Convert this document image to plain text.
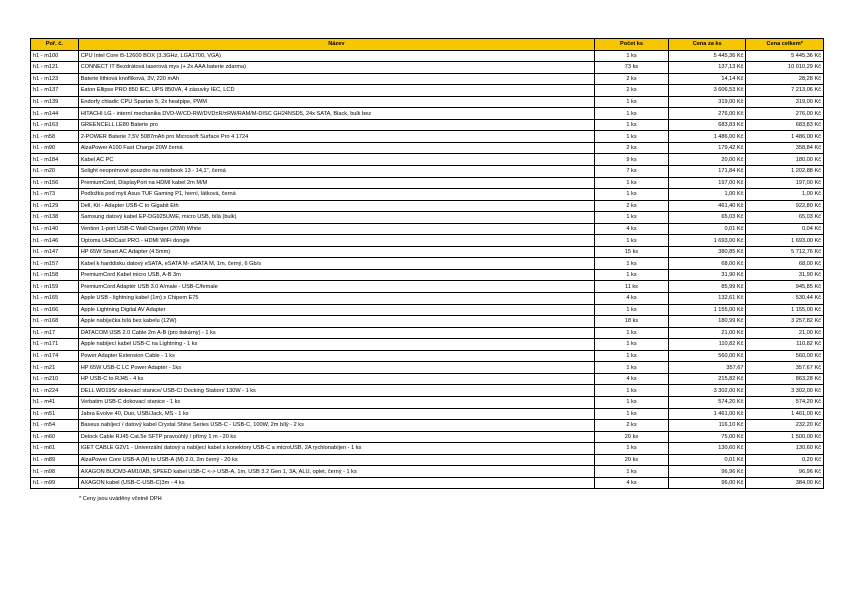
Poř. č.	Název	Počet ks	Cena za ks	Cena celkem*
h1 - m100	CPU Intel Core i5-12600 BOX (3.3GHz, LGA1700, VGA)	1 ks	5 445,36 Kč	5 445,36 Kč
h1 - m121	CONNECT IT Bezdrátová laserová mys (+ 2x AAA baterie zdarma)	73 ks	137,13 Kč	10 010,29 Kč
h1 - m123	Baterie lithiová knoflíková, 3V, 220 mAh	2 ks	14,14 Kč	28,28 Kč
h1 - m137	Eaton Ellipse PRO 850 IEC, UPS 850VA, 4 zásuvky IEC, LCD	2 ks	3 606,53 Kč	7 213,06 Kč
h1 - m139	Endorfy chladic CPU Spartan 5, 2x heatpipe, PWM	1 ks	319,00 Kč	319,00 Kč
h1 - m144	HITACHI LG - interní mechanika DVD-W/CD-RW/DVD±R/±RW/RAM/M-DISC GH24NSD5, 24x SATA, Black, bulk bez	1 ks	276,00 Kč	276,00 Kč
h1 - m163	GREENCELL LE80 Baterie pro	1 ks	683,83 Kč	683,83 Kč
h1 - m58	2-POWER Baterie 7,5V 5087mAh pro Microsoft Surface Pro 4 1724	1 ks	1 486,00 Kč	1 486,00 Kč
h1 - m90	AlzaPower A100 Fast Charge 20W černá	2 ks	179,42 Kč	358,84 Kč
h1 - m184	Kabel AC PC	9 ks	20,00 Kč	180,00 Kč
h1 - m20	Solight neoprénové pouzdro na notebook 13 - 14,1", černá	7 ks	171,84 Kč	1 202,88 Kč
h1 - m156	PremiumCord, DisplayPort na HDMI kabel 2m M/M	1 ks	197,00 Kč	197,00 Kč
h1 - m73	Podložka pod myš Asus TUF Gaming P1, herní, látková, černá	1 ks	1,00 Kč	1,00 Kč
h1 - m129	Dell, Kit - Adapter USB-C to Gigabit Eth	2 ks	461,40 Kč	922,80 Kč
h1 - m138	Samsung datový kabel EP-DG925UWE, micro USB, bílá (bulk)	1 ks	65,03 Kč	65,03 Kč
h1 - m140	Vention 1-port USB-C Wall Charger (20W) White	4 ks	0,01 Kč	0,04 Kč
h1 - m146	Optoma UHDCast PRO - HDMI WiFi dongle	1 ks	1 693,00 Kč	1 693,00 Kč
h1 - m147	HP 65W Smart AC Adapter (4.5mm)	15 ks	380,85 Kč	5 712,76 Kč
h1 - m157	Kabel k harddisku datový eSATA, eSATA M- eSATA M, 1m, černý, 6 Gb/s	1 ks	68,00 Kč	68,00 Kč
h1 - m158	PremiumCord Kabel micro USB, A-B 3m	1 ks	31,90 Kč	31,90 Kč
h1 - m159	PremiumCord Adaptér USB 3.0 A/male - USB-C/female	11 ks	85,99 Kč	945,85 Kč
h1 - m165	Apple USB - lightning kabel (1m) s Chipem E75	4 ks	132,61 Kč	530,44 Kč
h1 - m166	Apple Lightning Digital AV Adapter	1 ks	1 155,00 Kč	1 155,00 Kč
h1 - m168	Apple nabíječka bílá bez kabelu (12W)	18 ks	180,99 Kč	3 257,82 Kč
h1 - m17	DATACOM USB 2.0 Cable 2m A-B (pro tiskárny) - 1 ks	1 ks	21,00 Kč	21,00 Kč
h1 - m171	Apple nabíjecí kabel USB-C na Lightning - 1 ks	1 ks	110,82 Kč	110,82 Kč
h1 - m174	Power Adapter Extension Cable - 1 ks	1 ks	560,00 Kč	560,00 Kč
h1 - m21	HP 65W USB-C LC Power Adapter - 1ks	1 ks	357,67	357,67 Kč
h1 - m210	HP USB-C to RJ45 - 4 ks	4 ks	215,82 Kč	863,28 Kč
h1 - m224	DELL WD19S/ dokovací stanice/ USB-C/ Docking Station/ 130W - 1 ks	1 ks	3 302,00 Kč	3 302,00 Kč
h1 - m41	Verbatim USB-C dokovací stanice - 1 ks	1 ks	574,20 Kč	574,20 Kč
h1 - m51	Jabra Evolve 40, Duo, USB/Jack, MS - 1 ks	1 ks	1 461,00 Kč	1 461,00 Kč
h1 - m54	Baseus nabíjecí / datový kabel Crystal Shine Series USB-C - USB-C, 100W, 2m bílý - 2 ks	2 ks	116,10 Kč	232,20 Kč
h1 - m60	Delock Cable RJ45 Cat.5e SFTP pravoúhlý / přímý 1 m - 20 ks	20 ks	75,00 Kč	1 500,00 Kč
h1 - m61	IGET CABLE G2V1 - Univerzální datový a nabíjecí kabel s konektory USB-C a microUSB, 2A rychlonabíjen - 1 ks	1 ks	130,60 Kč	130,60 Kč
h1 - m89	AlzaPower Core USB-A (M) to USB-A (M) 2.0, 2m černý - 20 ks	20 ks	0,01 Kč	0,20 Kč
h1 - m98	AXAGON BUCM3-AM10AB, SPEED kabel USB-C <-> USB-A, 1m, USB 3.2 Gen 1, 3A, ALU, oplet, černý - 1 ks	1 ks	96,96 Kč	96,96 Kč
h1 - m99	AXAGON kabel (USB-C-USB-C)3m - 4 ks	4 ks	96,00 Kč	384,00 Kč
* Ceny jsou uváděny včetně DPH
